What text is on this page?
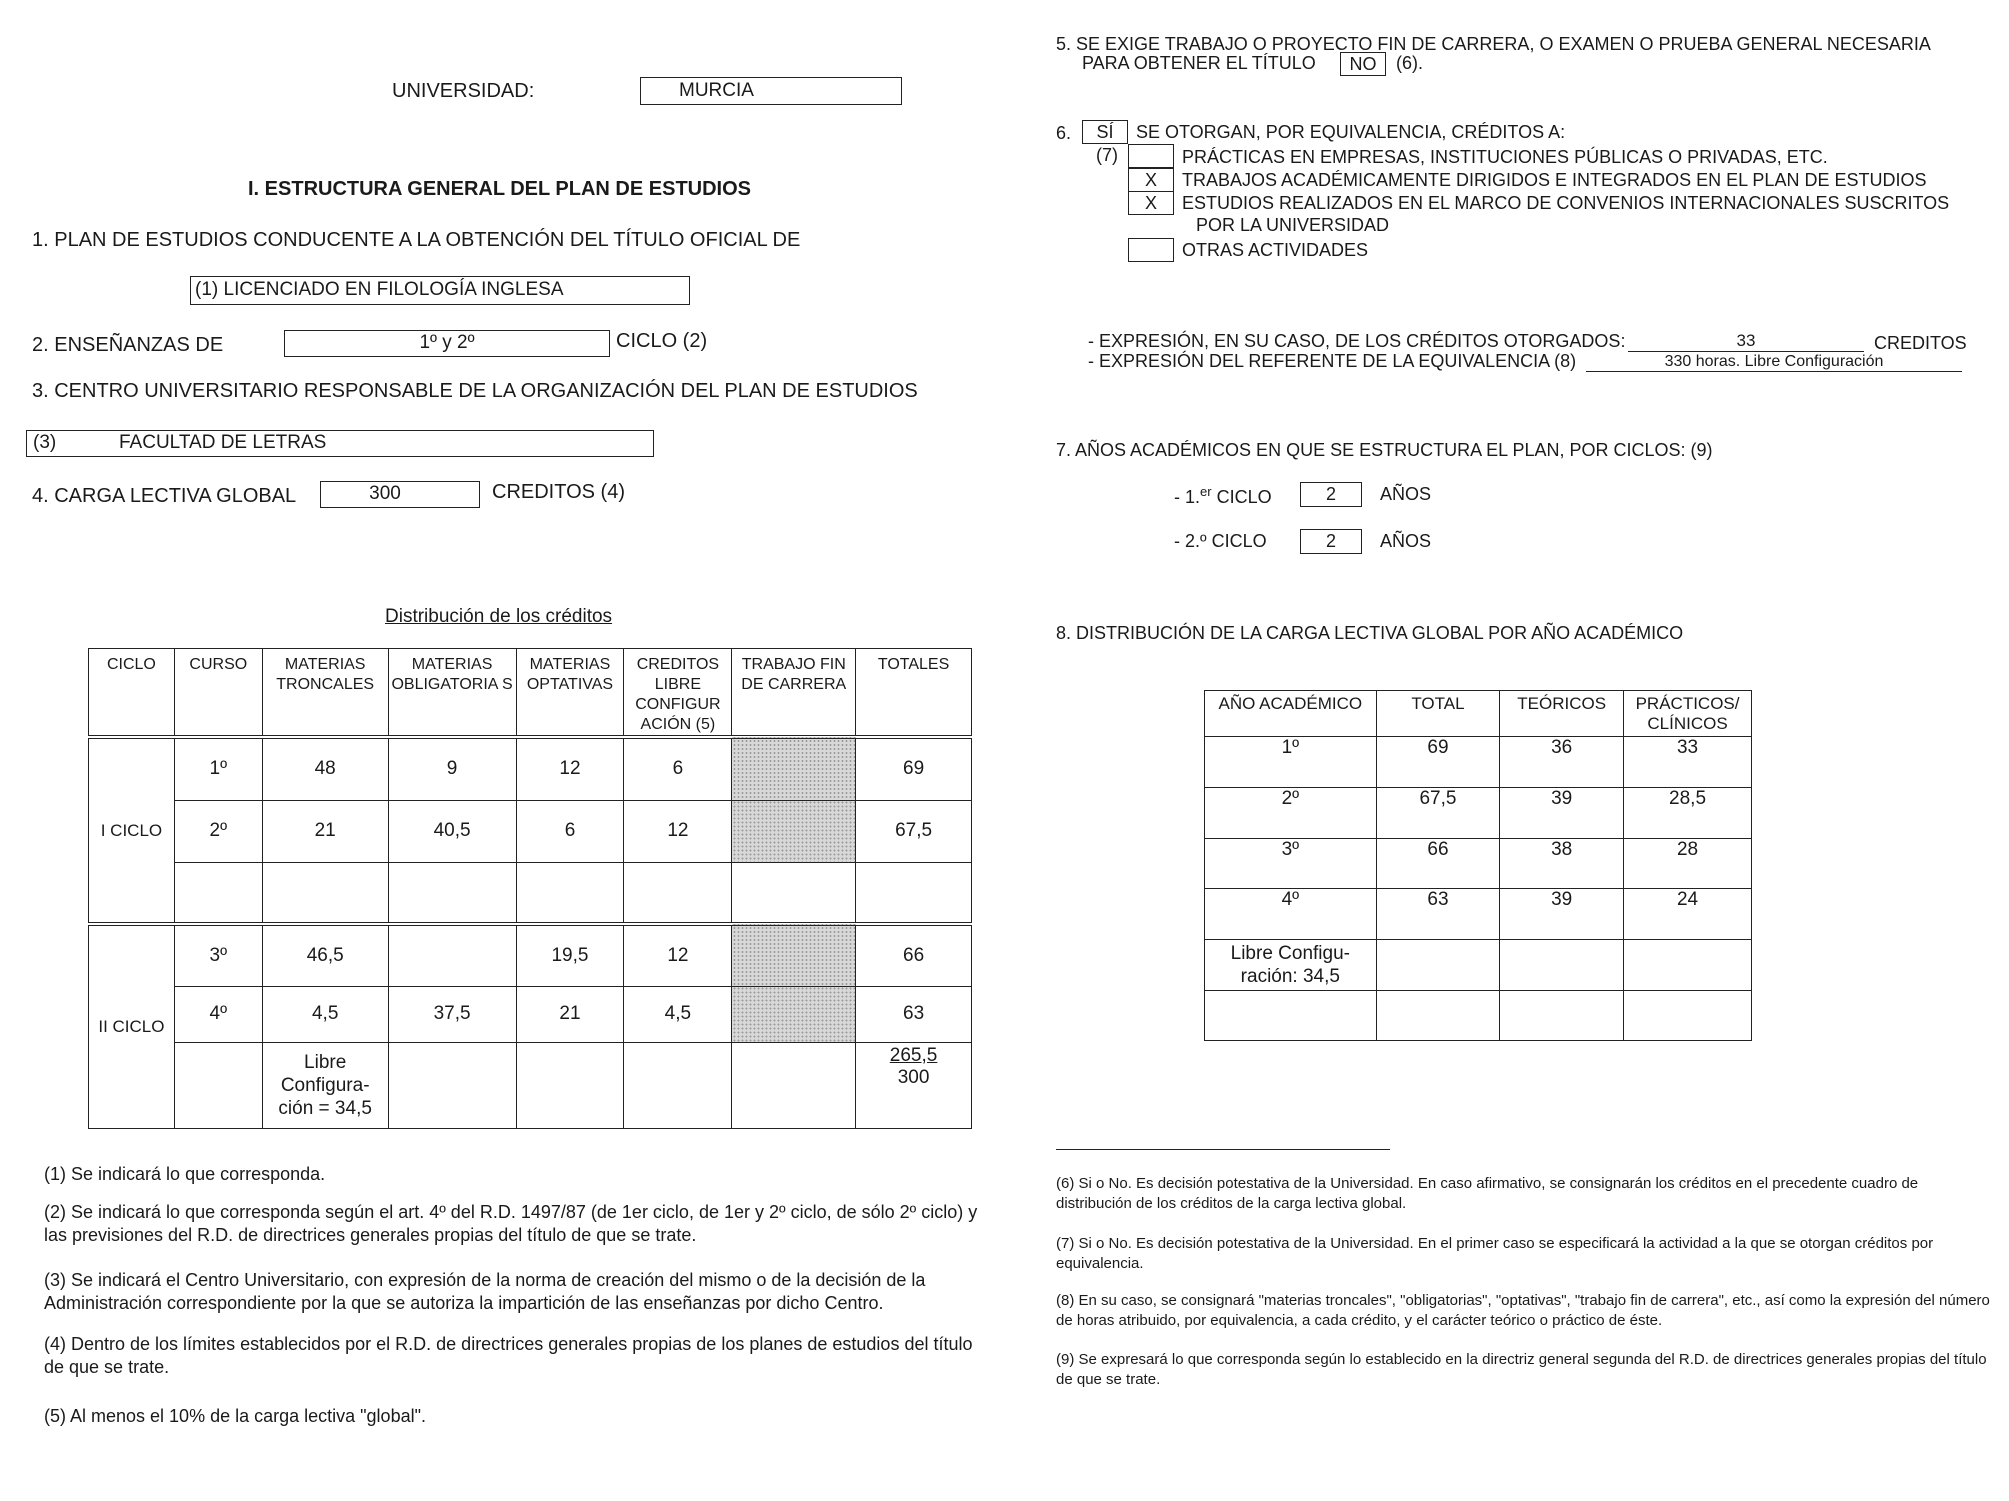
UNIVERSIDAD:	MURCIA
I. ESTRUCTURA GENERAL DEL PLAN DE ESTUDIOS
1. PLAN DE ESTUDIOS CONDUCENTE A LA OBTENCIÓN DEL TÍTULO OFICIAL DE
(1) LICENCIADO EN FILOLOGÍA INGLESA
2. ENSEÑANZAS DE	1º y 2º	CICLO (2)
3. CENTRO UNIVERSITARIO RESPONSABLE DE LA ORGANIZACIÓN DEL PLAN DE ESTUDIOS
(3)	FACULTAD DE LETRAS
4. CARGA LECTIVA GLOBAL	300	CREDITOS (4)
Distribución de los créditos
CICLO	CURSO	MATERIAS TRONCALES	MATERIAS OBLIGATORIA S	MATERIAS OPTATIVAS	CREDITOS LIBRE CONFIGUR ACIÓN (5)	TRABAJO FIN DE CARRERA	TOTALES
I CICLO	1º	48	9	12	6		69
	2º	21	40,5	6	12		67,5

II CICLO	3º	46,5		19,5	12		66
	4º	4,5	37,5	21	4,5		63
		Libre Configura- ción = 34,5					265,5
300
(1) Se indicará lo que corresponda.
(2) Se indicará lo que corresponda según el art. 4º del R.D. 1497/87 (de 1er ciclo, de 1er y 2º ciclo, de sólo 2º ciclo) y las previsiones del R.D. de directrices generales propias del título de que se trate.
(3) Se indicará el Centro Universitario, con expresión de la norma de creación del mismo o de la decisión de la Administración correspondiente por la que se autoriza la impartición de las enseñanzas por dicho Centro.
(4) Dentro de los límites establecidos por el R.D. de directrices generales propias de los planes de estudios del título de que se trate.
(5) Al menos el 10% de la carga lectiva "global".
5. SE EXIGE TRABAJO O PROYECTO FIN DE CARRERA, O EXAMEN O PRUEBA GENERAL NECESARIA
PARA OBTENER EL TÍTULO	NO	(6).
6.	SÍ	SE OTORGAN, POR EQUIVALENCIA, CRÉDITOS A:
(7)	PRÁCTICAS EN EMPRESAS, INSTITUCIONES PÚBLICAS O PRIVADAS, ETC.
X	TRABAJOS ACADÉMICAMENTE DIRIGIDOS E INTEGRADOS EN EL PLAN DE ESTUDIOS
X	ESTUDIOS REALIZADOS EN EL MARCO DE CONVENIOS INTERNACIONALES SUSCRITOS
POR LA UNIVERSIDAD
OTRAS ACTIVIDADES
- EXPRESIÓN, EN SU CASO, DE LOS CRÉDITOS OTORGADOS:	33	CREDITOS
- EXPRESIÓN DEL REFERENTE DE LA EQUIVALENCIA (8)	330 horas. Libre Configuración
7. AÑOS ACADÉMICOS EN QUE SE ESTRUCTURA EL PLAN, POR CICLOS: (9)
- 1.$^{er}$ CICLO	2	AÑOS
- 2.º CICLO	2	AÑOS
8. DISTRIBUCIÓN DE LA CARGA LECTIVA GLOBAL POR AÑO ACADÉMICO
AÑO ACADÉMICO	TOTAL	TEÓRICOS	PRÁCTICOS/ CLÍNICOS
1º	69	36	33
2º	67,5	39	28,5
3º	66	38	28
4º	63	39	24
Libre Configu- ración: 34,5			

(6) Si o No. Es decisión potestativa de la Universidad. En caso afirmativo, se consignarán los créditos en el precedente cuadro de distribución de los créditos de la carga lectiva global.
(7) Si o No. Es decisión potestativa de la Universidad. En el primer caso se especificará la actividad a la que se otorgan créditos por equivalencia.
(8) En su caso, se consignará "materias troncales", "obligatorias", "optativas", "trabajo fin de carrera", etc., así como la expresión del número de horas atribuido, por equivalencia, a cada crédito, y el carácter teórico o práctico de éste.
(9) Se expresará lo que corresponda según lo establecido en la directriz general segunda del R.D. de directrices generales propias del título de que se trate.
